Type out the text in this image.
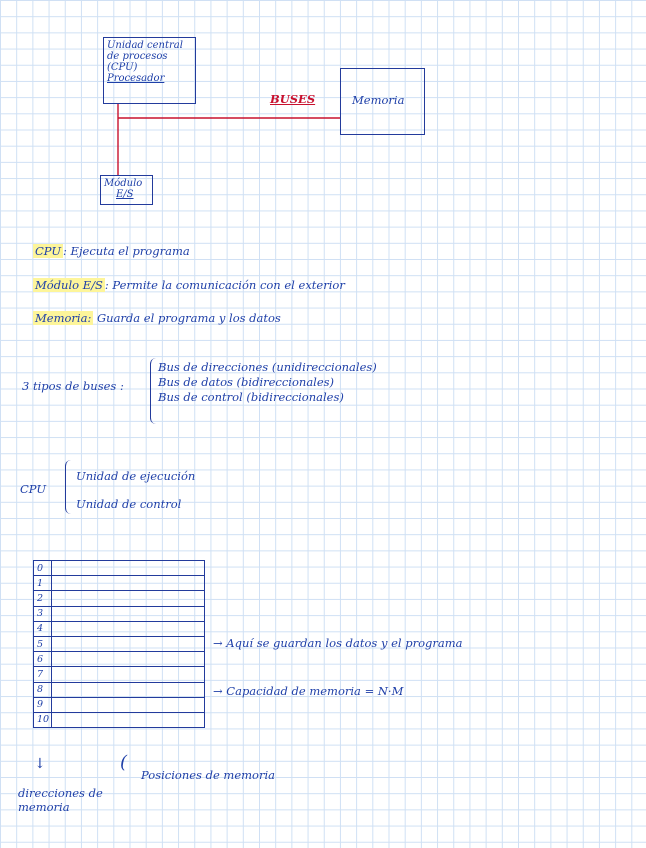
Unidad central
de procesos
(CPU)
Procesador
Memoria
Módulo
E/S
BUSES
CPU : Ejecuta el programa
Módulo E/S : Permite la comunicación con el exterior
Memoria: Guarda el programa y los datos
3 tipos de buses :
Bus de direcciones (unidireccionales)
Bus de datos (bidireccionales)
Bus de control (bidireccionales)
CPU
Unidad de ejecución
Unidad de control
0	
1	
2	
3	
4	
5	
6	
7	
8	
9	
10	
→ Aquí se guardan los datos y el programa
→ Capacidad de memoria = N·M
(
Posiciones de memoria
↓
direcciones de
memoria
